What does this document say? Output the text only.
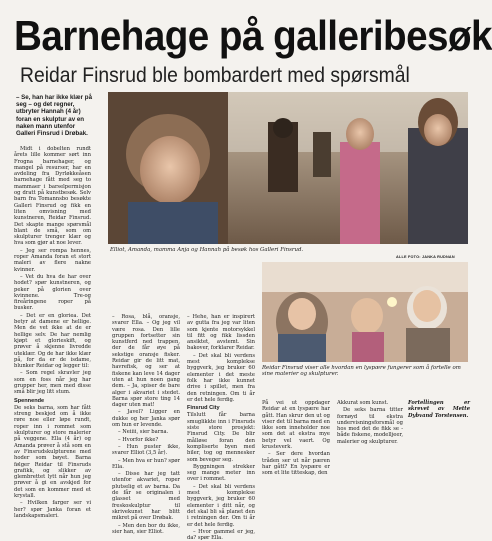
Barnehage på galleribesøk
Reidar Finsrud ble bombardert med spørsmål
– Se, han har ikke klær på seg – og det regner, utbryter Hannah (4 år) foran en skulptur av en naken mann utenfor Galleri Finsrud i Drøbak.

Midt i dobelten rundt årets lille kommer sørt inn Frogna barnehager, og mangel på resurser, har en avdeling fra Dyrløkkeåsen barnehage fått med seg to mammaer i barselpermisjon og dratt på kunstbesøk. Selv barn fra Tomannsbo besøkte Galleri Finsrud og fikk en liten omvisning med kunstneren, Reidar Finsrud. Det skapte mange spørsmål blant de små, som om skulpturer trenger klær og hva som gjør at noe lever.

– Jeg ser rompa hennes, roper Amanda foran et stort maleri av flere nakne kvinner.

– Vet du hva de har over hodet? spør kunstneren, og peker på glorien over kvinnene. Tre-og fireåringene roper på busker.

– Det er en gloriea. Det betyr at damene er hellige. Men de vet ikke at de er hellige selv. De har nemlig kjøpt et glorieskift, og prøver å skjenne livredde uteklær. Og de har ikke klær på, for da er de isdame, blunker Reidar og legger til:

– Som regel skravler jeg som en foss når jeg har grupper her, men med disse små blir jeg litt stum.

Spennende

De seks barna, som har fått streng beskjed om å ikke røre noe eller løpe rundt, roper inn i rommet som skulpturer og store malerier på veggene. Ella (4 år) og Amanda prøver å stå som en av Finsrudskulpturene med hoder som bøyet. Barna følger Reidar til Finsruds grafikk, og slikker av glembrettet lytt når hun jeg prøver å gi en avskjed for det som en kommer med et krystall.

– Hvilken farger ser vi her? spør Janka foran et landskapsmaleri.

Elliot, Amanda, mamma Anja og Hannah på besøk hos Galleri Finsrud.
ALLE FOTO: JANKA RUDNAN

– Rosa, blå, oransje, svarer Ella. – Og jeg vil være rosa. Den lille gruppen fortsetter sin kunstferd ned trappen, der de får øye på sekstige oransje fisker. Reidar gir de litt mat, havrefisk, og ser at fiskene kan leve 14 dager uten at hun noen gang dem. – Ja, spiser de bare alger i akvariet i stedet. Barna spør store ting 14 dager uten mat!

– Javel? Ligger en dukke og her Janka spør om hun er levende.

– Neiiii, sier barna.

– Hvorfor ikke?

– Hun puster ikke, svarer Elliot (3,5 år).

– Men hva er hun? spør Ella.

– Disse har jeg tatt utenfor akvariet, roper plutselig et av barna. Da de får se originalen i glasset med freskoskulptur til skrivekunst har blitt mikret på over Drøbak.

– Men den bor du ikke, sier han, sier Elliot.

– Hehe, han er inspirert av gutta fra jeg var liten som kjente motorsykkel til fitt og fikk lissden ansiktet, avstemt. Sin bakover, forklarer Reidar.

– Det skal bli verdens mest komplekse byggverk, jeg bruker 60 elementer i det meste folk har ikke kunnet drive i spillet, men fra den retningen. Om ti år er det hele ferdig.

Finsrud City

Tilslutt får barna smuglikkte inn i Finsruds siste store prosjekt: Finsrud City. De blir målløse foran den kompliserte byen med biler, tog og mennesker som beveger seg.

Byggningen strekker seg mange meter inn over i rommet.

– Det skal bli verdens mest komplekse byggverk, jeg bruker 60 elementer i ditt når, og det skal bli så planet den i retningen der. Om ti år er det hele ferdig.

– Hvor gammel er jeg, da? spør Ella.

Reidar Finsrud viser alle hvordan en lyspære fungerer som å fortelle om sine materier og skulpturer.

På vei ut oppdager Reidar at en lyspære har gått. Han skrur den ut og viser det til barna med en ikke som inneholder noe som det at ekstra mye betyr vel vaert. Og krusteverk.

– Ser dere hvordan tråden ser ut når pæren har gått? En lyspære er som et lite titteskap, den

Akkurat som kunst.

De seks barna titter fornøyd til ekstra undervisningsforsmål og hos med det de fikk se - både fiskene, modelljeer, malerier og skulpturer.

Fortellingen er skrevet av Mette Dybvand Torstensen.
